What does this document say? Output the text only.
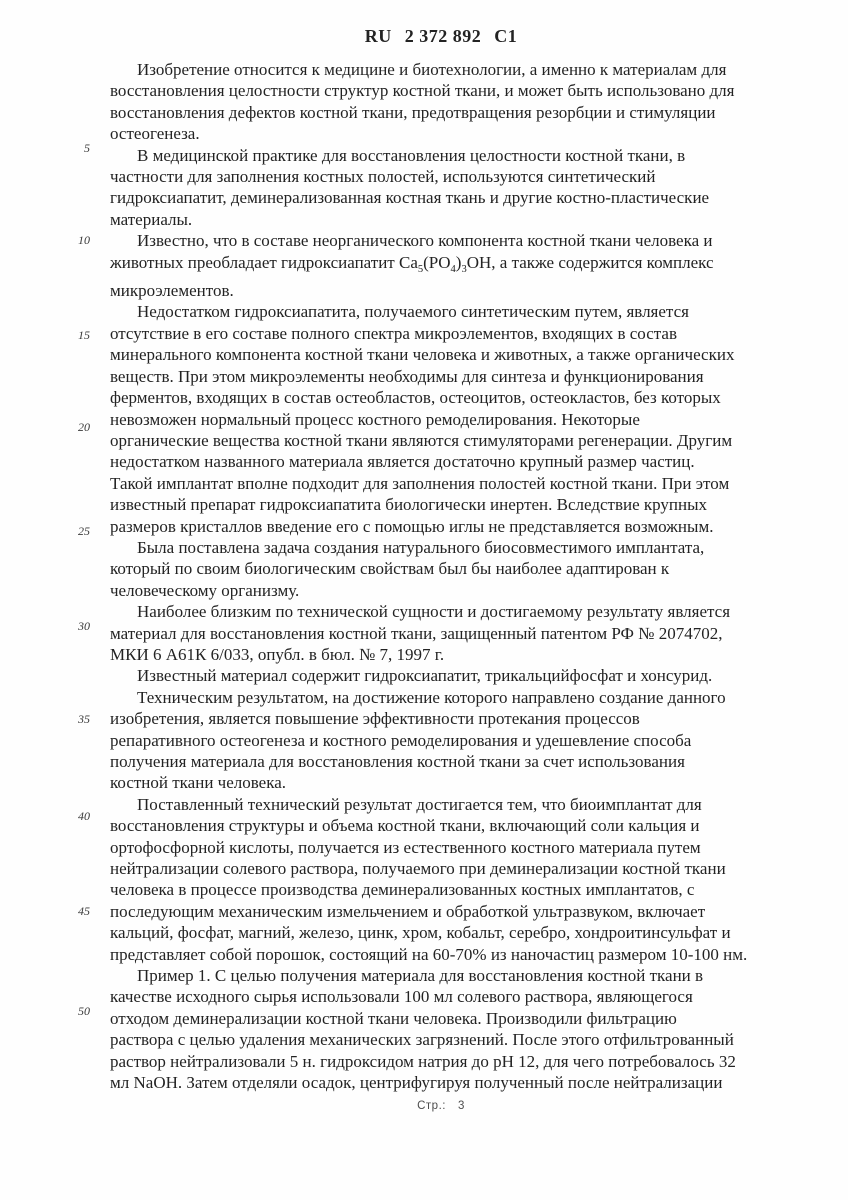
RU 2 372 892 C1
5
10
15
20
25
30
35
40
45
50
Изобретение относится к медицине и биотехнологии, а именно к материалам для
восстановления целостности структур костной ткани, и может быть использовано для
восстановления дефектов костной ткани, предотвращения резорбции и стимуляции
остеогенеза.
В медицинской практике для восстановления целостности костной ткани, в
частности для заполнения костных полостей, используются синтетический
гидроксиапатит, деминерализованная костная ткань и другие костно-пластические
материалы.
Известно, что в составе неорганического компонента костной ткани человека и
животных преобладает гидроксиапатит $Ca_5(PO_4)_3OH$, а также содержится комплекс
микроэлементов.
Недостатком гидроксиапатита, получаемого синтетическим путем, является
отсутствие в его составе полного спектра микроэлементов, входящих в состав
минерального компонента костной ткани человека и животных, а также органических
веществ. При этом микроэлементы необходимы для синтеза и функционирования
ферментов, входящих в состав остеобластов, остеоцитов, остеокластов, без которых
невозможен нормальный процесс костного ремоделирования. Некоторые
органические вещества костной ткани являются стимуляторами регенерации. Другим
недостатком названного материала является достаточно крупный размер частиц.
Такой имплантат вполне подходит для заполнения полостей костной ткани. При этом
известный препарат гидроксиапатита биологически инертен. Вследствие крупных
размеров кристаллов введение его с помощью иглы не представляется возможным.
Была поставлена задача создания натурального биосовместимого имплантата,
который по своим биологическим свойствам был бы наиболее адаптирован к
человеческому организму.
Наиболее близким по технической сущности и достигаемому результату является
материал для восстановления костной ткани, защищенный патентом РФ № 2074702,
МКИ 6 А61К 6/033, опубл. в бюл. № 7, 1997 г.
Известный материал содержит гидроксиапатит, трикальцийфосфат и хонсурид.
Техническим результатом, на достижение которого направлено создание данного
изобретения, является повышение эффективности протекания процессов
репаративного остеогенеза и костного ремоделирования и удешевление способа
получения материала для восстановления костной ткани за счет использования
костной ткани человека.
Поставленный технический результат достигается тем, что биоимплантат для
восстановления структуры и объема костной ткани, включающий соли кальция и
ортофосфорной кислоты, получается из естественного костного материала путем
нейтрализации солевого раствора, получаемого при деминерализации костной ткани
человека в процессе производства деминерализованных костных имплантатов, с
последующим механическим измельчением и обработкой ультразвуком, включает
кальций, фосфат, магний, железо, цинк, хром, кобальт, серебро, хондроитинсульфат и
представляет собой порошок, состоящий на 60-70% из наночастиц размером 10-100 нм.
Пример 1. С целью получения материала для восстановления костной ткани в
качестве исходного сырья использовали 100 мл солевого раствора, являющегося
отходом деминерализации костной ткани человека. Производили фильтрацию
раствора с целью удаления механических загрязнений. После этого отфильтрованный
раствор нейтрализовали 5 н. гидроксидом натрия до pH 12, для чего потребовалось 32
мл NaOH. Затем отделяли осадок, центрифугируя полученный после нейтрализации
Стр.: 3
